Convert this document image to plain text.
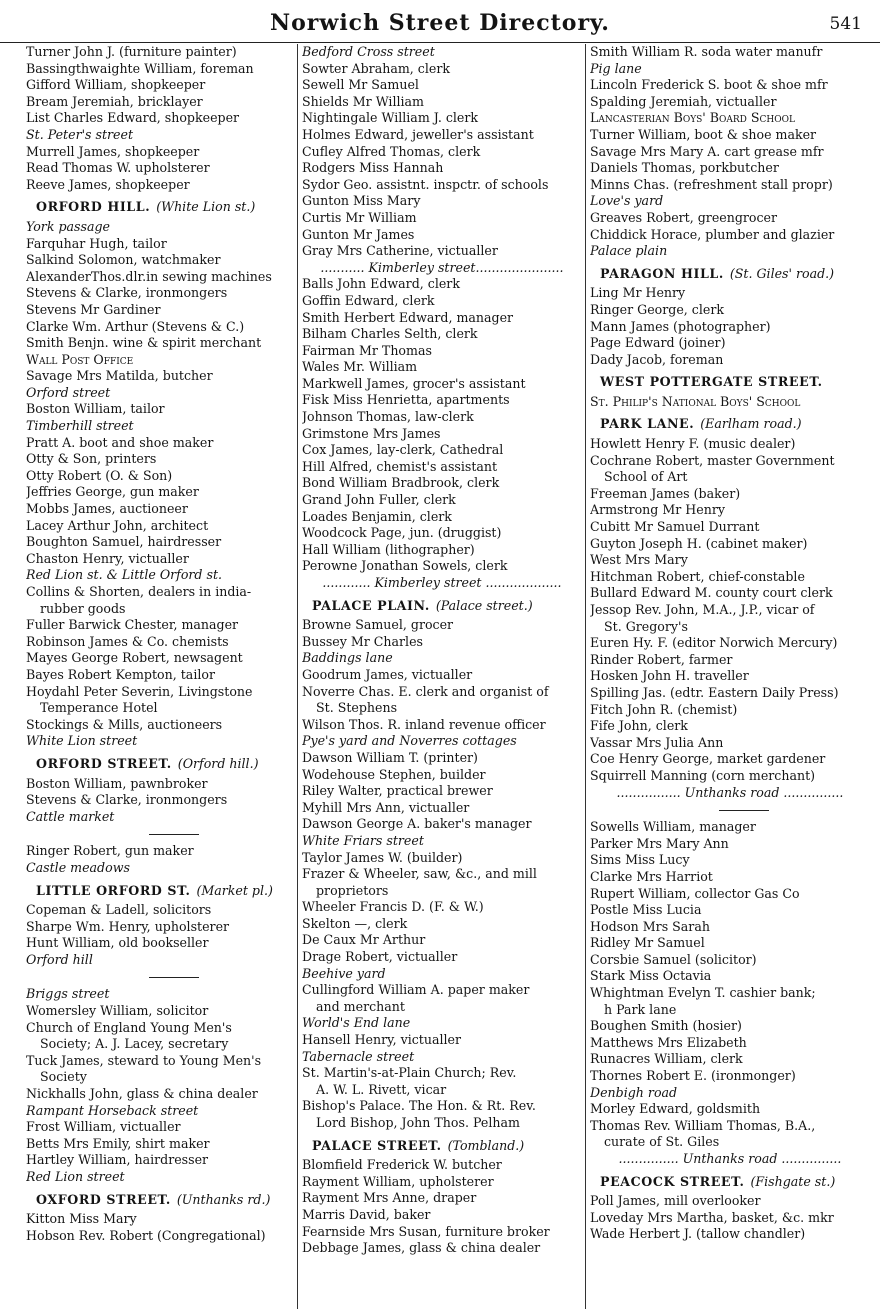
Norwich Street Directory.	541
Turner John J. (furniture painter)
Bassingthwaighte William, foreman
Gifford William, shopkeeper
Bream Jeremiah, bricklayer
List Charles Edward, shopkeeper
St. Peter's street
Murrell James, shopkeeper
Read Thomas W. upholsterer
Reeve James, shopkeeper
ORFORD HILL. (White Lion st.)
York passage
Farquhar Hugh, tailor
Salkind Solomon, watchmaker
AlexanderThos.dlr.in sewing machines
Stevens & Clarke, ironmongers
Stevens Mr Gardiner
Clarke Wm. Arthur (Stevens & C.)
Smith Benjn. wine & spirit merchant
Wall Post Office
Savage Mrs Matilda, butcher
Orford street
Boston William, tailor
Timberhill street
Pratt A. boot and shoe maker
Otty & Son, printers
Otty Robert (O. & Son)
Jeffries George, gun maker
Mobbs James, auctioneer
Lacey Arthur John, architect
Boughton Samuel, hairdresser
Chaston Henry, victualler
Red Lion st. & Little Orford st.
Collins & Shorten, dealers in india-
rubber goods
Fuller Barwick Chester, manager
Robinson James & Co. chemists
Mayes George Robert, newsagent
Bayes Robert Kempton, tailor
Hoydahl Peter Severin, Livingstone
Temperance Hotel
Stockings & Mills, auctioneers
White Lion street
ORFORD STREET. (Orford hill.)
Boston William, pawnbroker
Stevens & Clarke, ironmongers
Cattle market
Ringer Robert, gun maker
Castle meadows
LITTLE ORFORD ST. (Market pl.)
Copeman & Ladell, solicitors
Sharpe Wm. Henry, upholsterer
Hunt William, old bookseller
Orford hill
Briggs street
Womersley William, solicitor
Church of England Young Men's
Society; A. J. Lacey, secretary
Tuck James, steward to Young Men's
Society
Nickhalls John, glass & china dealer
Rampant Horseback street
Frost William, victualler
Betts Mrs Emily, shirt maker
Hartley William, hairdresser
Red Lion street
OXFORD STREET. (Unthanks rd.)
Kitton Miss Mary
Hobson Rev. Robert (Congregational)
Bedford Cross street
Sowter Abraham, clerk
Sewell Mr Samuel
Shields Mr William
Nightingale William J. clerk
Holmes Edward, jeweller's assistant
Cufley Alfred Thomas, clerk
Rodgers Miss Hannah
Sydor Geo. assistnt. inspctr. of schools
Gunton Miss Mary
Curtis Mr William
Gunton Mr James
Gray Mrs Catherine, victualler
........... Kimberley street......................
Balls John Edward, clerk
Goffin Edward, clerk
Smith Herbert Edward, manager
Bilham Charles Selth, clerk
Fairman Mr Thomas
Wales Mr. William
Markwell James, grocer's assistant
Fisk Miss Henrietta, apartments
Johnson Thomas, law-clerk
Grimstone Mrs James
Cox James, lay-clerk, Cathedral
Hill Alfred, chemist's assistant
Bond William Bradbrook, clerk
Grand John Fuller, clerk
Loades Benjamin, clerk
Woodcock Page, jun. (druggist)
Hall William (lithographer)
Perowne Jonathan Sowels, clerk
............ Kimberley street ...................
PALACE PLAIN. (Palace street.)
Browne Samuel, grocer
Bussey Mr Charles
Baddings lane
Goodrum James, victualler
Noverre Chas. E. clerk and organist of
St. Stephens
Wilson Thos. R. inland revenue officer
Pye's yard and Noverres cottages
Dawson William T. (printer)
Wodehouse Stephen, builder
Riley Walter, practical brewer
Myhill Mrs Ann, victualler
Dawson George A. baker's manager
White Friars street
Taylor James W. (builder)
Frazer & Wheeler, saw, &c., and mill
proprietors
Wheeler Francis D. (F. & W.)
Skelton —, clerk
De Caux Mr Arthur
Drage Robert, victualler
Beehive yard
Cullingford William A. paper maker
and merchant
World's End lane
Hansell Henry, victualler
Tabernacle street
St. Martin's-at-Plain Church; Rev.
A. W. L. Rivett, vicar
Bishop's Palace. The Hon. & Rt. Rev.
Lord Bishop, John Thos. Pelham
PALACE STREET. (Tombland.)
Blomfield Frederick W. butcher
Rayment William, upholsterer
Rayment Mrs Anne, draper
Marris David, baker
Fearnside Mrs Susan, furniture broker
Debbage James, glass & china dealer
Smith William R. soda water manufr
Pig lane
Lincoln Frederick S. boot & shoe mfr
Spalding Jeremiah, victualler
Lancasterian Boys' Board School
Turner William, boot & shoe maker
Savage Mrs Mary A. cart grease mfr
Daniels Thomas, porkbutcher
Minns Chas. (refreshment stall propr)
Love's yard
Greaves Robert, greengrocer
Chiddick Horace, plumber and glazier
Palace plain
PARAGON HILL. (St. Giles' road.)
Ling Mr Henry
Ringer George, clerk
Mann James (photographer)
Page Edward (joiner)
Dady Jacob, foreman
WEST POTTERGATE STREET.
St. Philip's National Boys' School
PARK LANE. (Earlham road.)
Howlett Henry F. (music dealer)
Cochrane Robert, master Government
School of Art
Freeman James (baker)
Armstrong Mr Henry
Cubitt Mr Samuel Durrant
Guyton Joseph H. (cabinet maker)
West Mrs Mary
Hitchman Robert, chief-constable
Bullard Edward M. county court clerk
Jessop Rev. John, M.A., J.P., vicar of
St. Gregory's
Euren Hy. F. (editor Norwich Mercury)
Rinder Robert, farmer
Hosken John H. traveller
Spilling Jas. (edtr. Eastern Daily Press)
Fitch John R. (chemist)
Fife John, clerk
Vassar Mrs Julia Ann
Coe Henry George, market gardener
Squirrell Manning (corn merchant)
................ Unthanks road ...............
Sowells William, manager
Parker Mrs Mary Ann
Sims Miss Lucy
Clarke Mrs Harriot
Rupert William, collector Gas Co
Postle Miss Lucia
Hodson Mrs Sarah
Ridley Mr Samuel
Corsbie Samuel (solicitor)
Stark Miss Octavia
Whightman Evelyn T. cashier bank;
h Park lane
Boughen Smith (hosier)
Matthews Mrs Elizabeth
Runacres William, clerk
Thornes Robert E. (ironmonger)
Denbigh road
Morley Edward, goldsmith
Thomas Rev. William Thomas, B.A.,
curate of St. Giles
............... Unthanks road ...............
PEACOCK STREET. (Fishgate st.)
Poll James, mill overlooker
Loveday Mrs Martha, basket, &c. mkr
Wade Herbert J. (tallow chandler)
